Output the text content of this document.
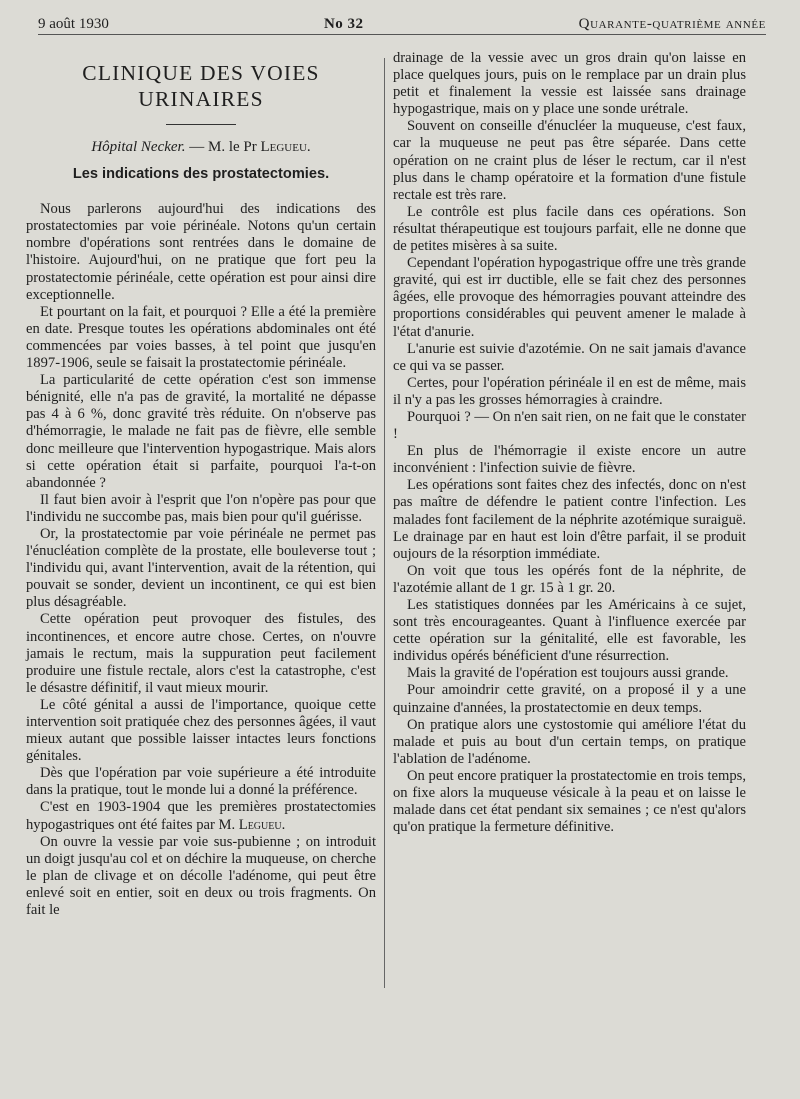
9 août 1930	No 32	Quarante-quatrième année
CLINIQUE DES VOIES URINAIRES
Hôpital Necker. — M. le Pr Legueu.
Les indications des prostatectomies.

Nous parlerons aujourd'hui des indications des prostatectomies par voie périnéale. Notons qu'un certain nombre d'opérations sont rentrées dans le domaine de l'histoire. Aujourd'hui, on ne pratique que fort peu la prostatectomie périnéale, cette opération est pour ainsi dire exceptionnelle.

Et pourtant on la fait, et pourquoi ? Elle a été la première en date. Presque toutes les opérations abdominales ont été commencées par voies basses, à tel point que jusqu'en 1897-1906, seule se faisait la prostatectomie périnéale.

La particularité de cette opération c'est son immense bénignité, elle n'a pas de gravité, la mortalité ne dépasse pas 4 à 6 %, donc gravité très réduite. On n'observe pas d'hémorragie, le malade ne fait pas de fièvre, elle semble donc meilleure que l'intervention hypogastrique. Mais alors si cette opération était si parfaite, pourquoi l'a-t-on abandonnée ?

Il faut bien avoir à l'esprit que l'on n'opère pas pour que l'individu ne succombe pas, mais bien pour qu'il guérisse.

Or, la prostatectomie par voie périnéale ne permet pas l'énucléation complète de la prostate, elle bouleverse tout ; l'individu qui, avant l'intervention, avait de la rétention, qui pouvait se sonder, devient un incontinent, ce qui est bien plus désagréable.

Cette opération peut provoquer des fistules, des incontinences, et encore autre chose. Certes, on n'ouvre jamais le rectum, mais la suppuration peut facilement produire une fistule rectale, alors c'est la catastrophe, c'est le désastre définitif, il vaut mieux mourir.

Le côté génital a aussi de l'importance, quoique cette intervention soit pratiquée chez des personnes âgées, il vaut mieux autant que possible laisser intactes leurs fonctions génitales.

Dès que l'opération par voie supérieure a été introduite dans la pratique, tout le monde lui a donné la préférence.

C'est en 1903-1904 que les premières prostatectomies hypogastriques ont été faites par M. Legueu.

On ouvre la vessie par voie sus-pubienne ; on introduit un doigt jusqu'au col et on déchire la muqueuse, on cherche le plan de clivage et on décolle l'adénome, qui peut être enlevé soit en entier, soit en deux ou trois fragments. On fait le

drainage de la vessie avec un gros drain qu'on laisse en place quelques jours, puis on le remplace par un drain plus petit et finalement la vessie est laissée sans drainage hypogastrique, mais on y place une sonde urétrale.

Souvent on conseille d'énucléer la muqueuse, c'est faux, car la muqueuse ne peut pas être séparée. Dans cette opération on ne craint plus de léser le rectum, car il n'est plus dans le champ opératoire et la formation d'une fistule rectale est très rare.

Le contrôle est plus facile dans ces opérations. Son résultat thérapeutique est toujours parfait, elle ne donne que de petites misères à sa suite.

Cependant l'opération hypogastrique offre une très grande gravité, qui est irr ductible, elle se fait chez des personnes âgées, elle provoque des hémorragies pouvant atteindre des proportions considérables qui peuvent amener le malade à l'état d'anurie.

L'anurie est suivie d'azotémie. On ne sait jamais d'avance ce qui va se passer.

Certes, pour l'opération périnéale il en est de même, mais il n'y a pas les grosses hémorragies à craindre.

Pourquoi ? — On n'en sait rien, on ne fait que le constater !

En plus de l'hémorragie il existe encore un autre inconvénient : l'infection suivie de fièvre.

Les opérations sont faites chez des infectés, donc on n'est pas maître de défendre le patient contre l'infection. Les malades font facilement de la néphrite azotémique suraiguë. Le drainage par en haut est loin d'être parfait, il se produit oujours de la résorption immédiate.

On voit que tous les opérés font de la néphrite, de l'azotémie allant de 1 gr. 15 à 1 gr. 20.

Les statistiques données par les Américains à ce sujet, sont très encourageantes. Quant à l'influence exercée par cette opération sur la génitalité, elle est favorable, les individus opérés bénéficient d'une résurrection.

Mais la gravité de l'opération est toujours aussi grande.

Pour amoindrir cette gravité, on a proposé il y a une quinzaine d'années, la prostatectomie en deux temps.

On pratique alors une cystostomie qui améliore l'état du malade et puis au bout d'un certain temps, on pratique l'ablation de l'adénome.

On peut encore pratiquer la prostatectomie en trois temps, on fixe alors la muqueuse vésicale à la peau et on laisse le malade dans cet état pendant six semaines ; ce n'est qu'alors qu'on pratique la fermeture définitive.
